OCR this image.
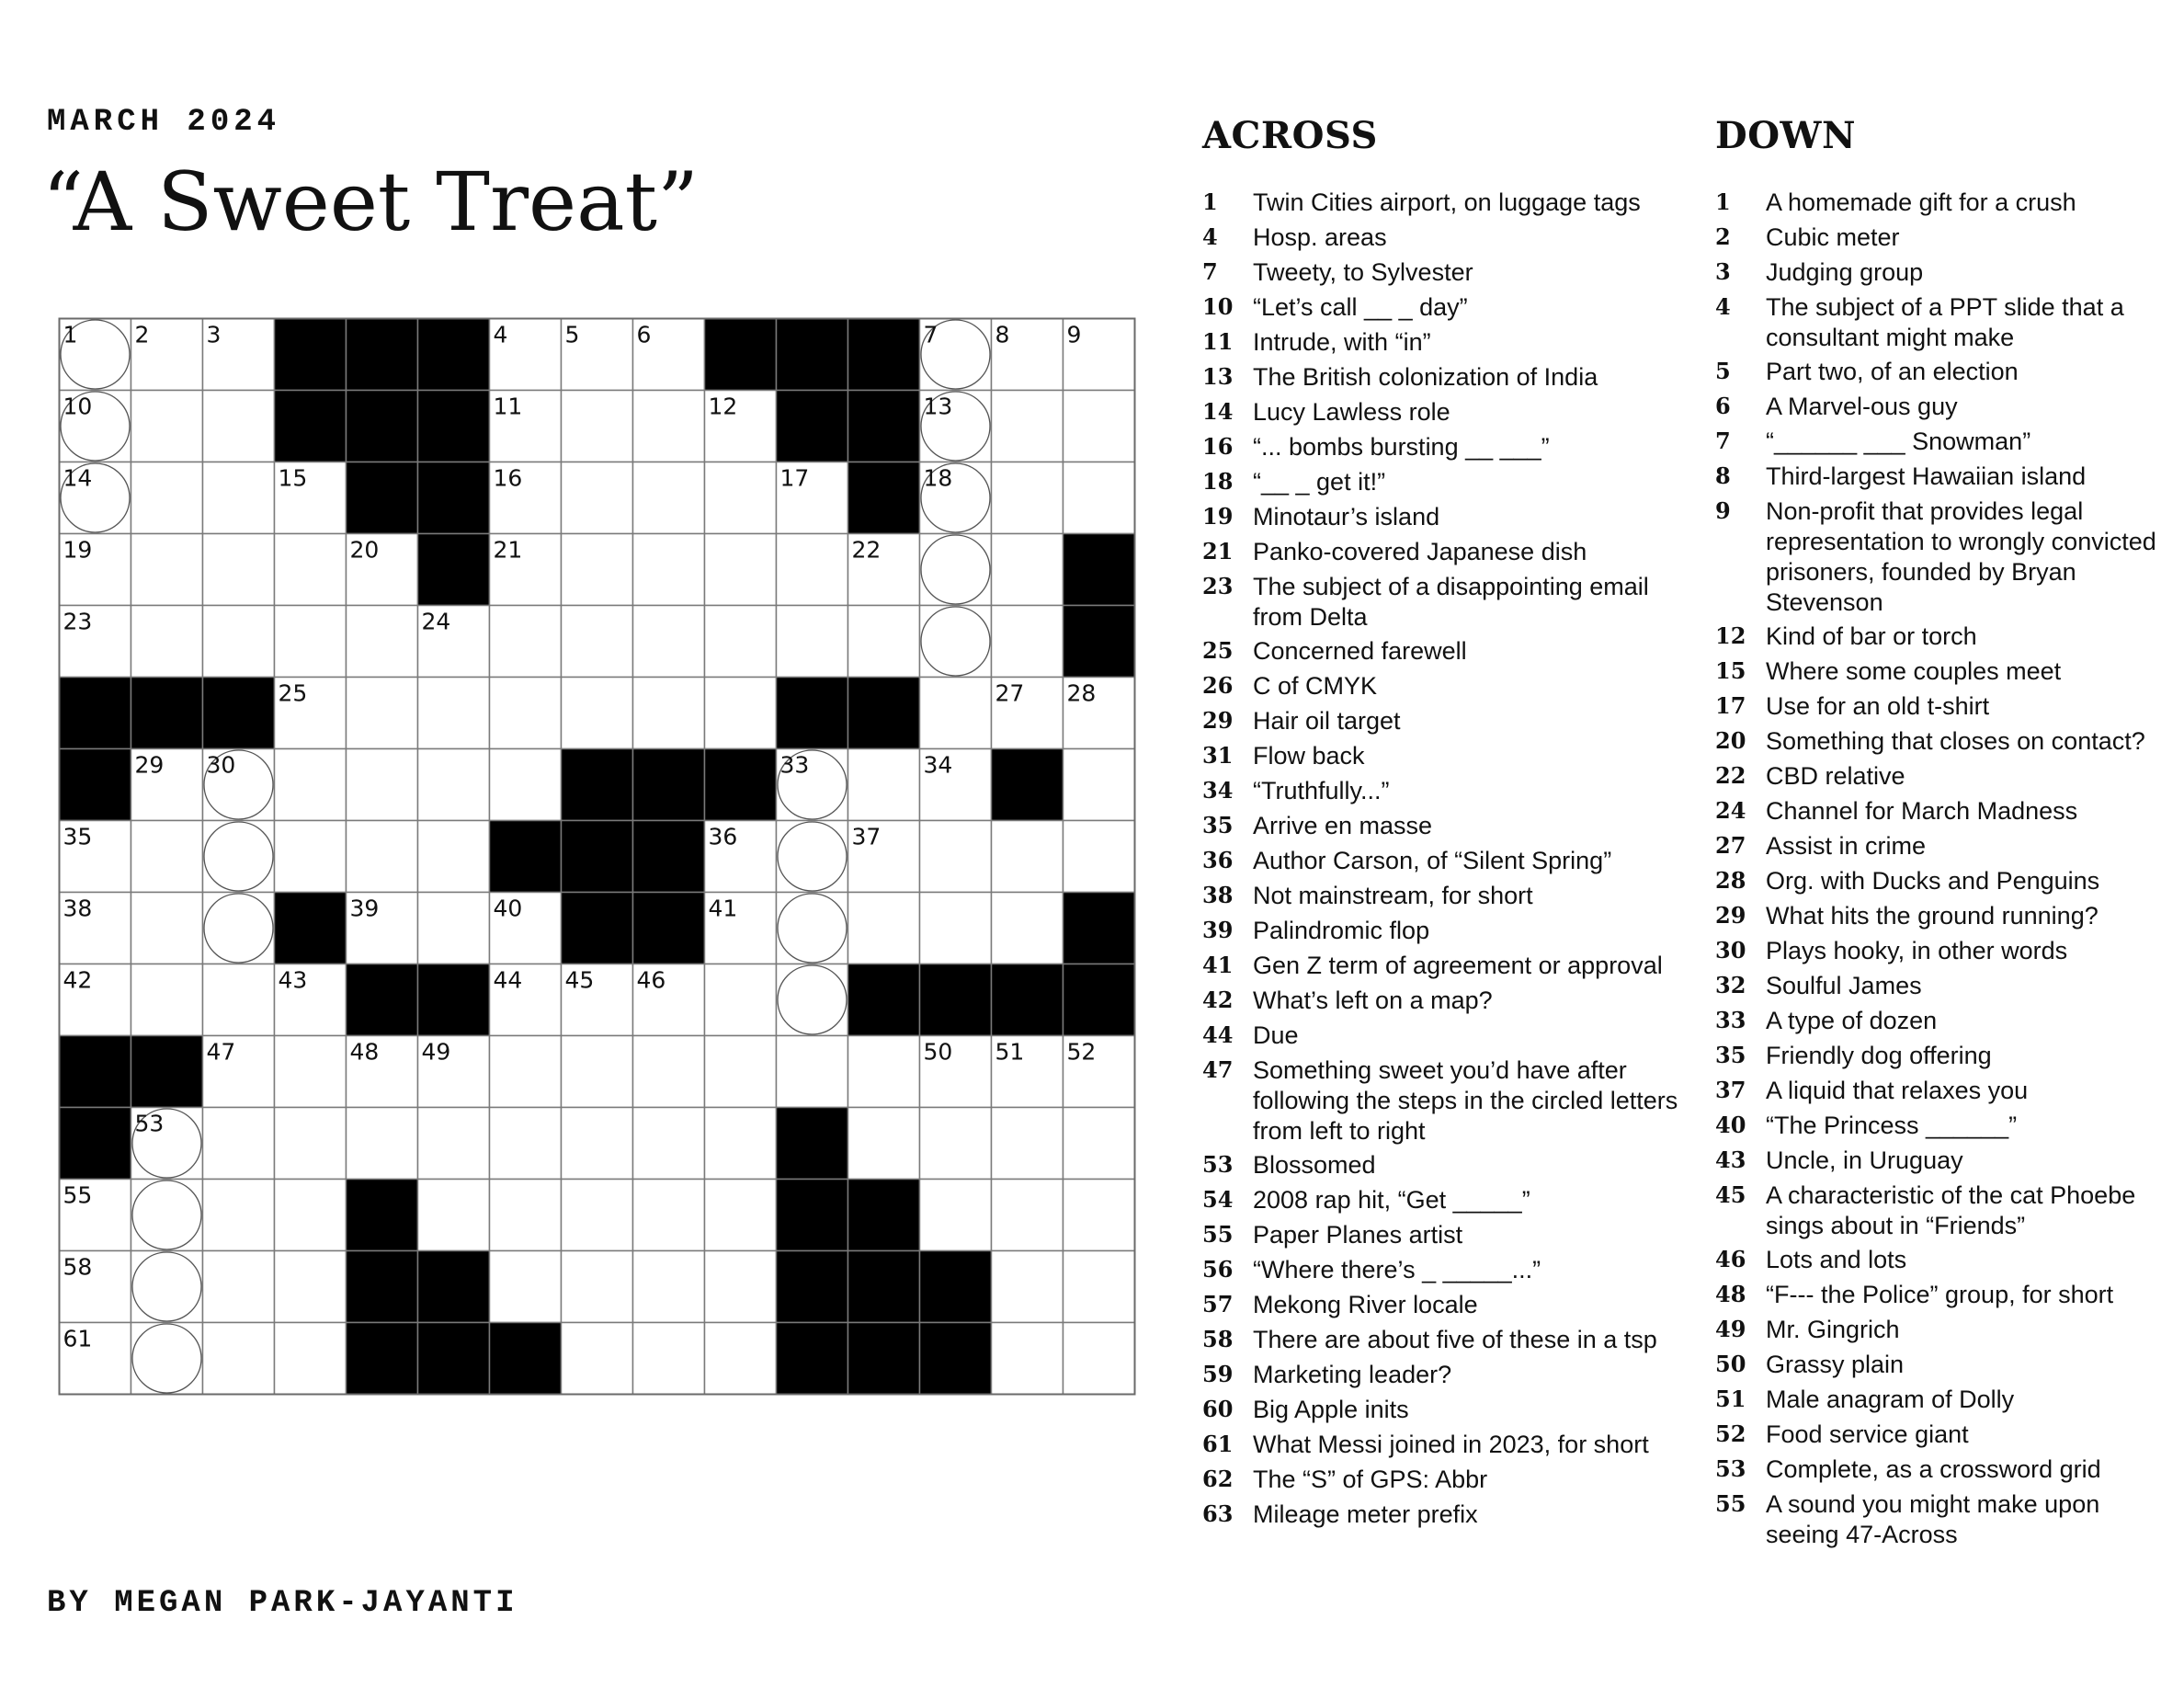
MARCH 2024
“A Sweet Treat”
1 2 3	4 5 6	7 8 9
10	11	12	13
14	15	16	17	18
19	20	21	22
23	24
25	27 28
29 30	33	34
35	36	37
38	39	40	41
42	43	44 45 46
47	48 49	50 51 52
53
55
58
61
ACROSS
1	Twin Cities airport, on luggage tags
4	Hosp. areas
7	Tweety, to Sylvester
10 “Let’s call __ _ day”
11 Intrude, with “in”
13 The British colonization of India
14 Lucy Lawless role
16 “... bombs bursting __ ___”
18 “__ _ get it!”
19 Minotaur’s island
21 Panko-covered Japanese dish
23 The subject of a disappointing email from Delta
25 Concerned farewell
26 C of CMYK
29 Hair oil target
31 Flow back
34 “Truthfully...”
35 Arrive en masse
36 Author Carson, of “Silent Spring”
38 Not mainstream, for short
39 Palindromic flop
41 Gen Z term of agreement or approval
42 What’s left on a map?
44 Due
47 Something sweet you’d have after following the steps in the circled letters from left to right
53 Blossomed
54 2008 rap hit, “Get _____”
55 Paper Planes artist
56 “Where there’s _ _____...”
57 Mekong River locale
58 There are about five of these in a tsp
59 Marketing leader?
60 Big Apple inits
61 What Messi joined in 2023, for short
62 The “S” of GPS: Abbr
63 Mileage meter prefix
DOWN
1	A homemade gift for a crush
2	Cubic meter
3	Judging group
4	The subject of a PPT slide that a consultant might make
5	Part two, of an election
6	A Marvel-ous guy
7	“______ ___ Snowman”
8	Third-largest Hawaiian island
9	Non-profit that provides legal representation to wrongly convicted prisoners, founded by Bryan Stevenson
12 Kind of bar or torch
15 Where some couples meet
17 Use for an old t-shirt
20 Something that closes on contact?
22 CBD relative
24 Channel for March Madness
27 Assist in crime
28 Org. with Ducks and Penguins
29 What hits the ground running?
30 Plays hooky, in other words
32 Soulful James
33 A type of dozen
35 Friendly dog offering
37 A liquid that relaxes you
40 “The Princess ______”
43 Uncle, in Uruguay
45 A characteristic of the cat Phoebe sings about in “Friends”
46 Lots and lots
48 “F--- the Police” group, for short
49 Mr. Gingrich
50 Grassy plain
51 Male anagram of Dolly
52 Food service giant
53 Complete, as a crossword grid
55 A sound you might make upon seeing 47-Across
BY MEGAN PARK-JAYANTI
